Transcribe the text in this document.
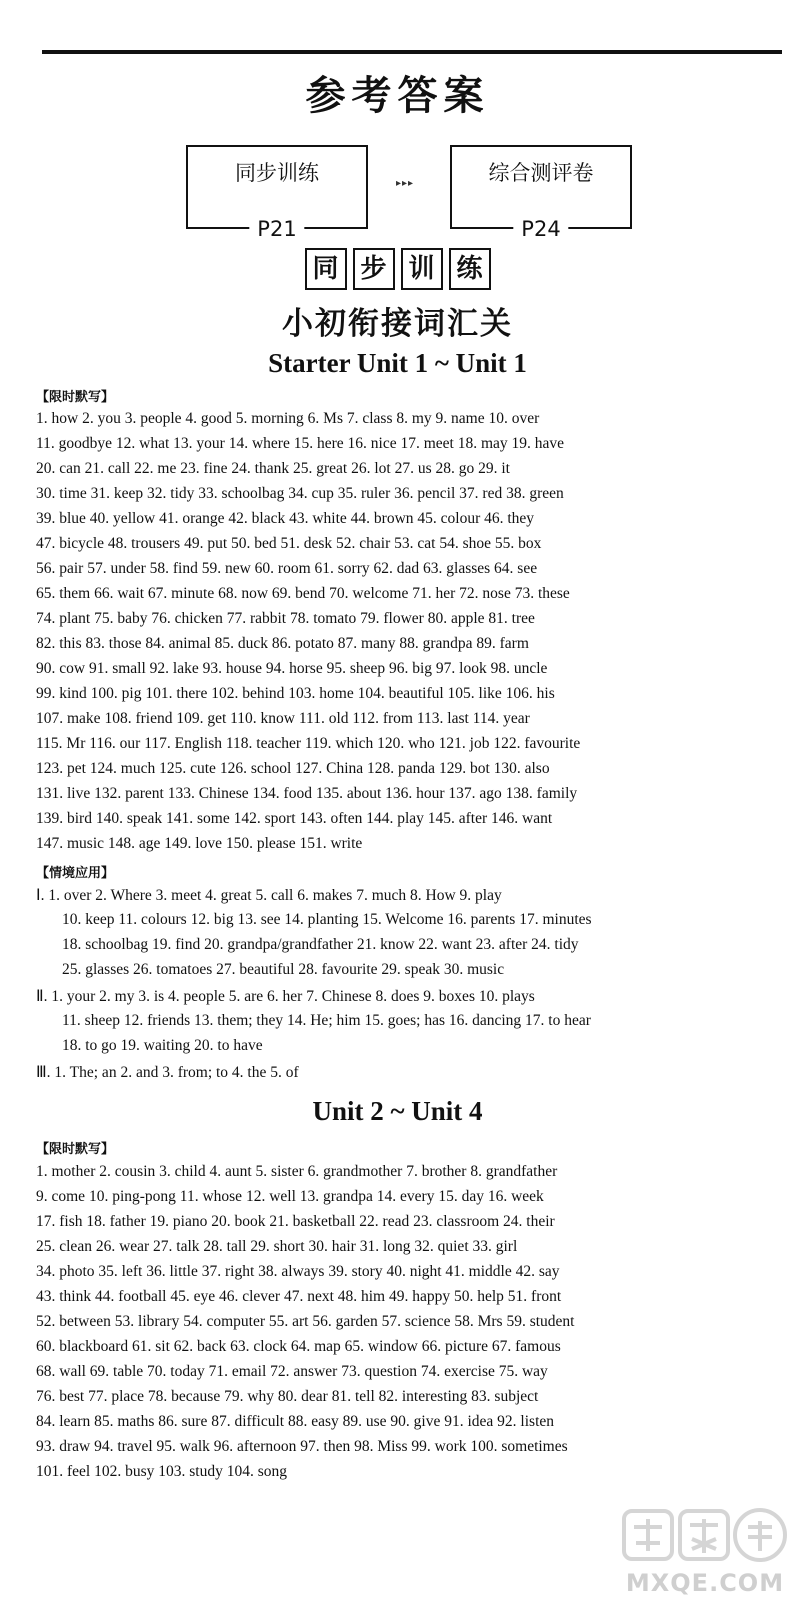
参考答案
同步训练
P21
▸▸▸	综合测评卷
P24
同 步 训 练
小初衔接词汇关
Starter Unit 1 ~ Unit 1
【限时默写】
1. how 2. you 3. people 4. good 5. morning 6. Ms 7. class 8. my 9. name 10. over
11. goodbye 12. what 13. your 14. where 15. here 16. nice 17. meet 18. may 19. have
20. can 21. call 22. me 23. fine 24. thank 25. great 26. lot 27. us 28. go 29. it
30. time 31. keep 32. tidy 33. schoolbag 34. cup 35. ruler 36. pencil 37. red 38. green
39. blue 40. yellow 41. orange 42. black 43. white 44. brown 45. colour 46. they
47. bicycle 48. trousers 49. put 50. bed 51. desk 52. chair 53. cat 54. shoe 55. box
56. pair 57. under 58. find 59. new 60. room 61. sorry 62. dad 63. glasses 64. see
65. them 66. wait 67. minute 68. now 69. bend 70. welcome 71. her 72. nose 73. these
74. plant 75. baby 76. chicken 77. rabbit 78. tomato 79. flower 80. apple 81. tree
82. this 83. those 84. animal 85. duck 86. potato 87. many 88. grandpa 89. farm
90. cow 91. small 92. lake 93. house 94. horse 95. sheep 96. big 97. look 98. uncle
99. kind 100. pig 101. there 102. behind 103. home 104. beautiful 105. like 106. his
107. make 108. friend 109. get 110. know 111. old 112. from 113. last 114. year
115. Mr 116. our 117. English 118. teacher 119. which 120. who 121. job 122. favourite
123. pet 124. much 125. cute 126. school 127. China 128. panda 129. bot 130. also
131. live 132. parent 133. Chinese 134. food 135. about 136. hour 137. ago 138. family
139. bird 140. speak 141. some 142. sport 143. often 144. play 145. after 146. want
147. music 148. age 149. love 150. please 151. write
【情境应用】
Ⅰ. 1. over 2. Where 3. meet 4. great 5. call 6. makes 7. much 8. How 9. play
10. keep 11. colours 12. big 13. see 14. planting 15. Welcome 16. parents 17. minutes
18. schoolbag 19. find 20. grandpa/grandfather 21. know 22. want 23. after 24. tidy
25. glasses 26. tomatoes 27. beautiful 28. favourite 29. speak 30. music
Ⅱ. 1. your 2. my 3. is 4. people 5. are 6. her 7. Chinese 8. does 9. boxes 10. plays
11. sheep 12. friends 13. them; they 14. He; him 15. goes; has 16. dancing 17. to hear
18. to go 19. waiting 20. to have
Ⅲ. 1. The; an 2. and 3. from; to 4. the 5. of
Unit 2 ~ Unit 4
【限时默写】
1. mother 2. cousin 3. child 4. aunt 5. sister 6. grandmother 7. brother 8. grandfather
9. come 10. ping-pong 11. whose 12. well 13. grandpa 14. every 15. day 16. week
17. fish 18. father 19. piano 20. book 21. basketball 22. read 23. classroom 24. their
25. clean 26. wear 27. talk 28. tall 29. short 30. hair 31. long 32. quiet 33. girl
34. photo 35. left 36. little 37. right 38. always 39. story 40. night 41. middle 42. say
43. think 44. football 45. eye 46. clever 47. next 48. him 49. happy 50. help 51. front
52. between 53. library 54. computer 55. art 56. garden 57. science 58. Mrs 59. student
60. blackboard 61. sit 62. back 63. clock 64. map 65. window 66. picture 67. famous
68. wall 69. table 70. today 71. email 72. answer 73. question 74. exercise 75. way
76. best 77. place 78. because 79. why 80. dear 81. tell 82. interesting 83. subject
84. learn 85. maths 86. sure 87. difficult 88. easy 89. use 90. give 91. idea 92. listen
93. draw 94. travel 95. walk 96. afternoon 97. then 98. Miss 99. work 100. sometimes
101. feel 102. busy 103. study 104. song
MXQE.COM
